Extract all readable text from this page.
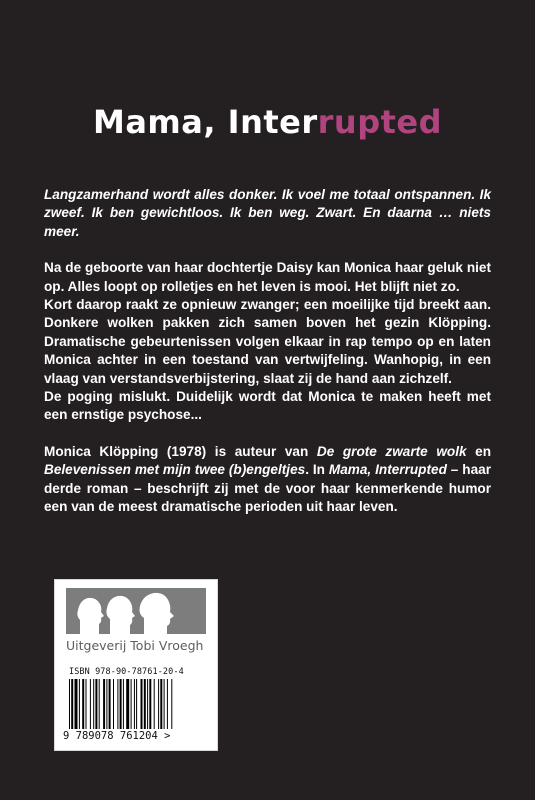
Mama, Interrupted

Langzamerhand wordt alles donker. Ik voel me totaal ontspannen. Ik zweef. Ik ben gewichtloos. Ik ben weg. Zwart. En daarna … niets meer.

Na de geboorte van haar dochtertje Daisy kan Monica haar geluk niet op. Alles loopt op rolletjes en het leven is mooi. Het blijft niet zo.
Kort daarop raakt ze opnieuw zwanger; een moeilijke tijd breekt aan. Donkere wolken pakken zich samen boven het gezin Klöpping. Dramatische gebeurtenissen volgen elkaar in rap tempo op en laten Monica achter in een toestand van vertwijfeling. Wanhopig, in een vlaag van verstandsverbijstering, slaat zij de hand aan zichzelf.
De poging mislukt. Duidelijk wordt dat Monica te maken heeft met een ernstige psychose...

Monica Klöpping (1978) is auteur van De grote zwarte wolk en Belevenissen met mijn twee (b)engeltjes. In Mama, Interrupted – haar derde roman – beschrijft zij met de voor haar kenmerkende humor een van de meest dramatische perioden uit haar leven.

Uitgeverij Tobi Vroegh
ISBN 978-90-78761-20-4
9 789078 761204 >
